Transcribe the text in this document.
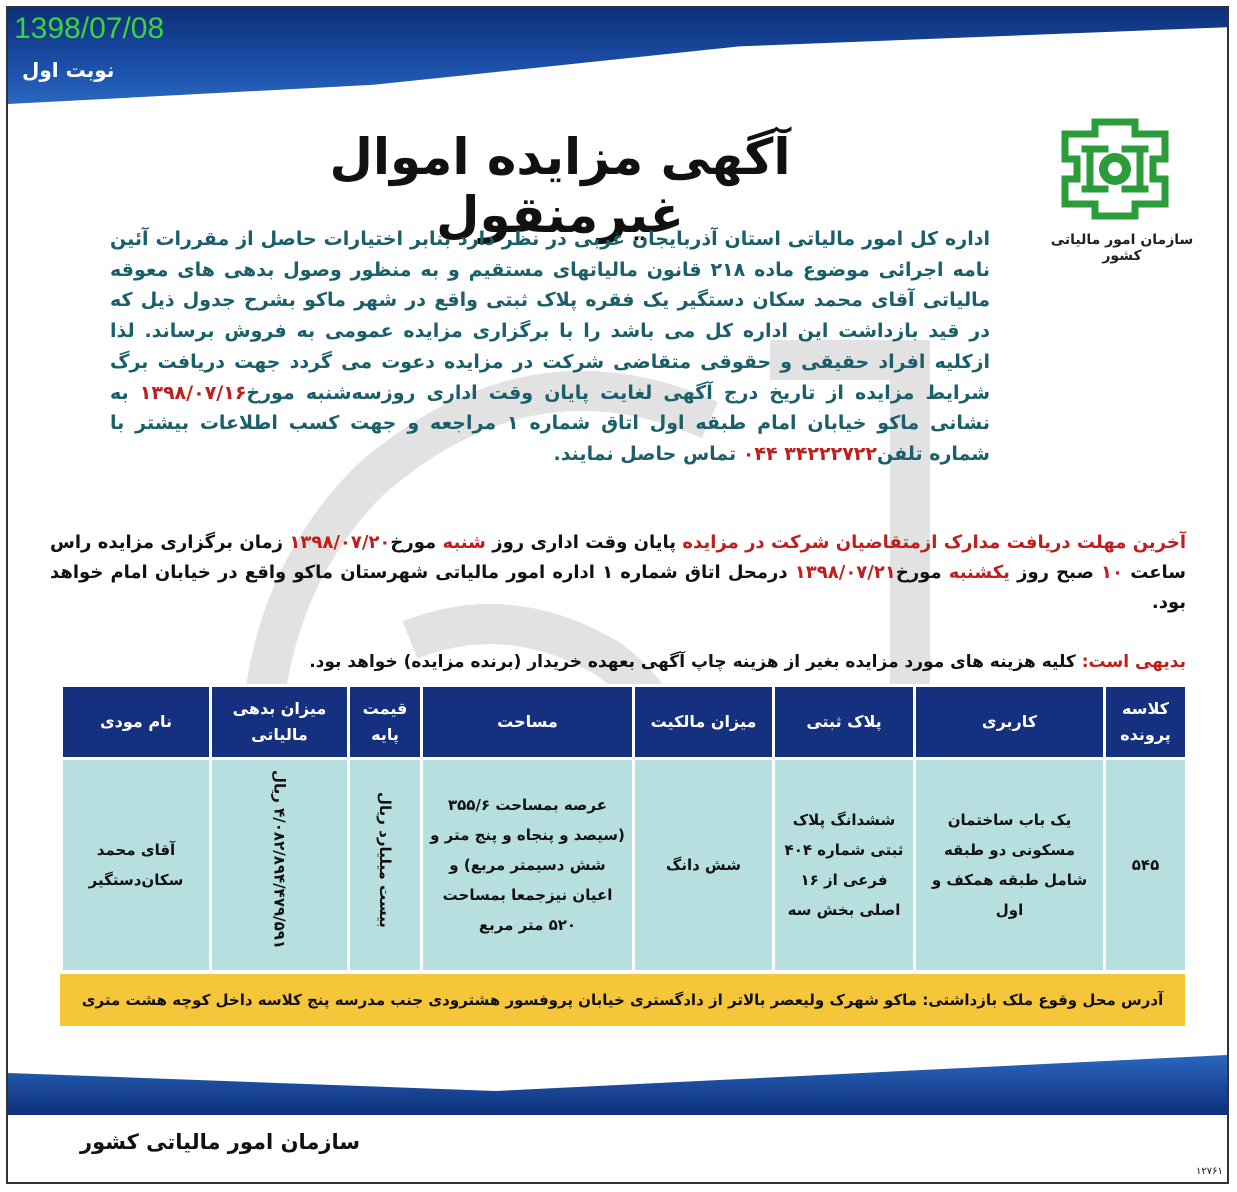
1398/07/08
نوبت اول
سازمان امور مالیاتی کشور
آگهی مزایده اموال غیرمنقول
اداره کل امور مالیاتی استان آذربایجان غربی در نظر دارد بنابر اختیارات حاصل از مقررات آئین نامه اجرائی موضوع ماده ۲۱۸ قانون مالیاتهای مستقیم و به منظور وصول بدهی های معوقه مالیاتی آقای محمد سکان دستگیر یک فقره پلاک ثبتی واقع در شهر ماکو بشرح جدول ذیل که در قید بازداشت این اداره کل می باشد را با برگزاری مزایده عمومی به فروش برساند. لذا ازکلیه افراد حقیقی و حقوقی متقاضی شرکت در مزایده دعوت می گردد جهت دریافت برگ شرایط مزایده از تاریخ درج آگهی لغایت پایان وقت اداری روزسه‌شنبه مورخ۱۳۹۸/۰۷/۱۶ به نشانی ماکو خیابان امام طبقه اول اتاق شماره ۱ مراجعه و جهت کسب اطلاعات بیشتر با شماره تلفن۳۴۲۲۲۷۲۲ ۰۴۴ تماس حاصل نمایند.
آخرین مهلت دریافت مدارک ازمتقاضیان شرکت در مزایده پایان وقت اداری روز شنبه مورخ۱۳۹۸/۰۷/۲۰ زمان برگزاری مزایده راس ساعت ۱۰ صبح روز یکشنبه مورخ۱۳۹۸/۰۷/۲۱ درمحل اتاق شماره ۱ اداره امور مالیاتی شهرستان ماکو واقع در خیابان امام خواهد بود.
بدیهی است: کلیه هزینه های مورد مزایده بغیر از هزینه چاپ آگهی بعهده خریدار (برنده مزایده) خواهد بود.
کلاسه پرونده	کاربری	پلاک ثبتی	میزان مالکیت	مساحت	قیمت پایه	میزان بدهی مالیاتی	نام مودی
۵۴۵	یک باب ساختمان مسکونی دو طبقه شامل طبقه همکف و اول	ششدانگ پلاک ثبتی شماره ۴۰۴ فرعی از ۱۶ اصلی بخش سه	شش دانگ	عرصه بمساحت ۳۵۵/۶ (سیصد و پنجاه و پنج متر و شش دسیمتر مربع) و اعیان نیزجمعا بمساحت ۵۲۰ متر مربع	بیست میلیارد ریال	۴/۰۸۲/۸۹۴/۴۷۹/۵۹۱ ریال	آقای محمد سکان‌دستگیر
آدرس محل وقوع ملک بازداشتی: ماکو شهرک ولیعصر بالاتر از دادگستری خیابان پروفسور هشترودی جنب مدرسه پنج کلاسه داخل کوچه هشت متری
سازمان امور مالیاتی کشور
۱۲۷۶۱
